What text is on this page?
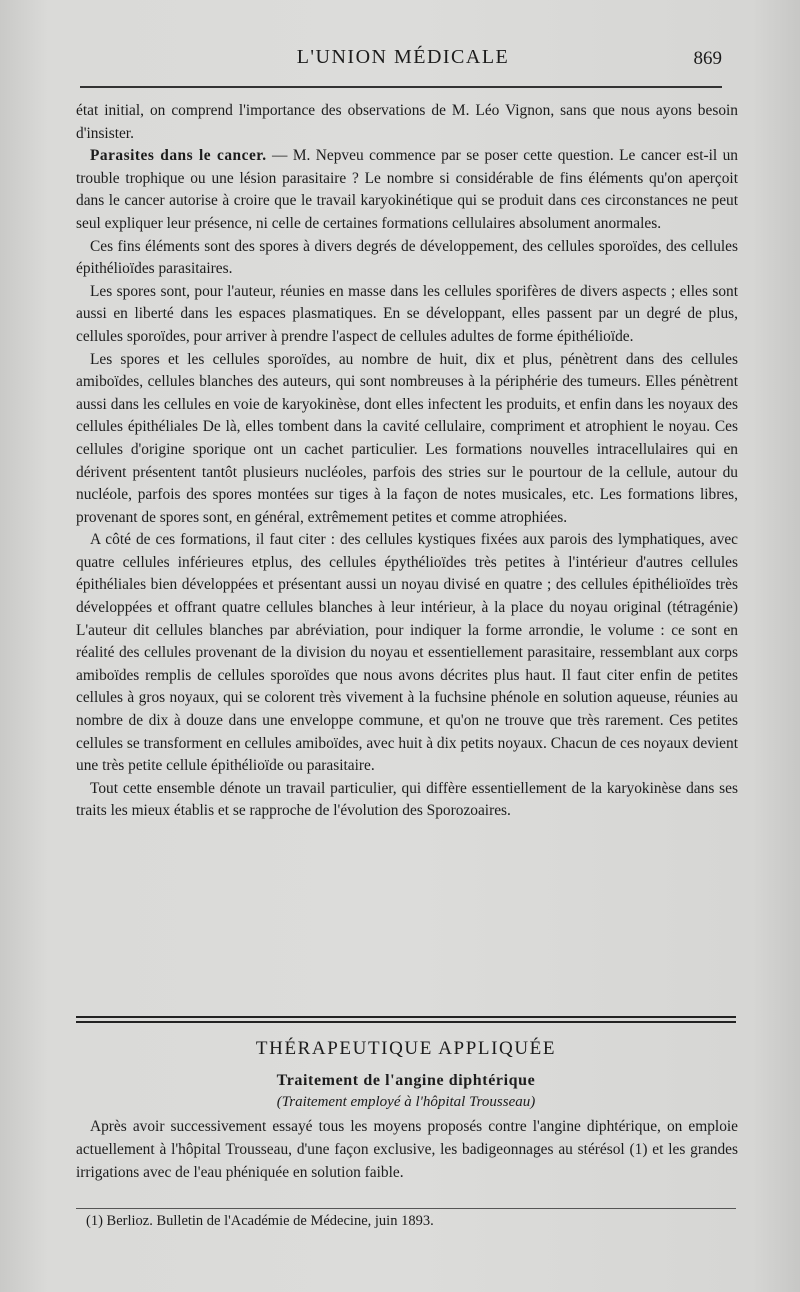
L'UNION MÉDICALE	869

état initial, on comprend l'importance des observations de M. Léo Vignon, sans que nous ayons besoin d'insister.

Parasites dans le cancer. — M. Nepveu commence par se poser cette question. Le cancer est-il un trouble trophique ou une lésion parasitaire ? Le nombre si considérable de fins éléments qu'on aperçoit dans le cancer autorise à croire que le travail karyokinétique qui se produit dans ces circonstances ne peut seul expliquer leur présence, ni celle de certaines formations cellulaires absolument anormales.

Ces fins éléments sont des spores à divers degrés de développement, des cellules sporoïdes, des cellules épithélioïdes parasitaires.

Les spores sont, pour l'auteur, réunies en masse dans les cellules sporifères de divers aspects ; elles sont aussi en liberté dans les espaces plasmatiques. En se développant, elles passent par un degré de plus, cellules sporoïdes, pour arriver à prendre l'aspect de cellules adultes de forme épithélioïde.

Les spores et les cellules sporoïdes, au nombre de huit, dix et plus, pénètrent dans des cellules amiboïdes, cellules blanches des auteurs, qui sont nombreuses à la périphérie des tumeurs. Elles pénètrent aussi dans les cellules en voie de karyokinèse, dont elles infectent les produits, et enfin dans les noyaux des cellules épithéliales De là, elles tombent dans la cavité cellulaire, compriment et atrophient le noyau. Ces cellules d'origine sporique ont un cachet particulier. Les formations nouvelles intracellulaires qui en dérivent présentent tantôt plusieurs nucléoles, parfois des stries sur le pourtour de la cellule, autour du nucléole, parfois des spores montées sur tiges à la façon de notes musicales, etc. Les formations libres, provenant de spores sont, en général, extrêmement petites et comme atrophiées.

A côté de ces formations, il faut citer : des cellules kystiques fixées aux parois des lymphatiques, avec quatre cellules inférieures etplus, des cellules épythélioïdes très petites à l'intérieur d'autres cellules épithéliales bien développées et présentant aussi un noyau divisé en quatre ; des cellules épithélioïdes très développées et offrant quatre cellules blanches à leur intérieur, à la place du noyau original (tétragénie) L'auteur dit cellules blanches par abréviation, pour indiquer la forme arrondie, le volume : ce sont en réalité des cellules provenant de la division du noyau et essentiellement parasitaire, ressemblant aux corps amiboïdes remplis de cellules sporoïdes que nous avons décrites plus haut. Il faut citer enfin de petites cellules à gros noyaux, qui se colorent très vivement à la fuchsine phénole en solution aqueuse, réunies au nombre de dix à douze dans une enveloppe commune, et qu'on ne trouve que très rarement. Ces petites cellules se transforment en cellules amiboïdes, avec huit à dix petits noyaux. Chacun de ces noyaux devient une très petite cellule épithélioïde ou parasitaire.

Tout cette ensemble dénote un travail particulier, qui diffère essentiellement de la karyokinèse dans ses traits les mieux établis et se rapproche de l'évolution des Sporozoaires.

THÉRAPEUTIQUE APPLIQUÉE
Traitement de l'angine diphtérique
(Traitement employé à l'hôpital Trousseau)

Après avoir successivement essayé tous les moyens proposés contre l'angine diphtérique, on emploie actuellement à l'hôpital Trousseau, d'une façon exclusive, les badigeonnages au stérésol (1) et les grandes irrigations avec de l'eau phéniquée en solution faible.

(1) Berlioz. Bulletin de l'Académie de Médecine, juin 1893.
